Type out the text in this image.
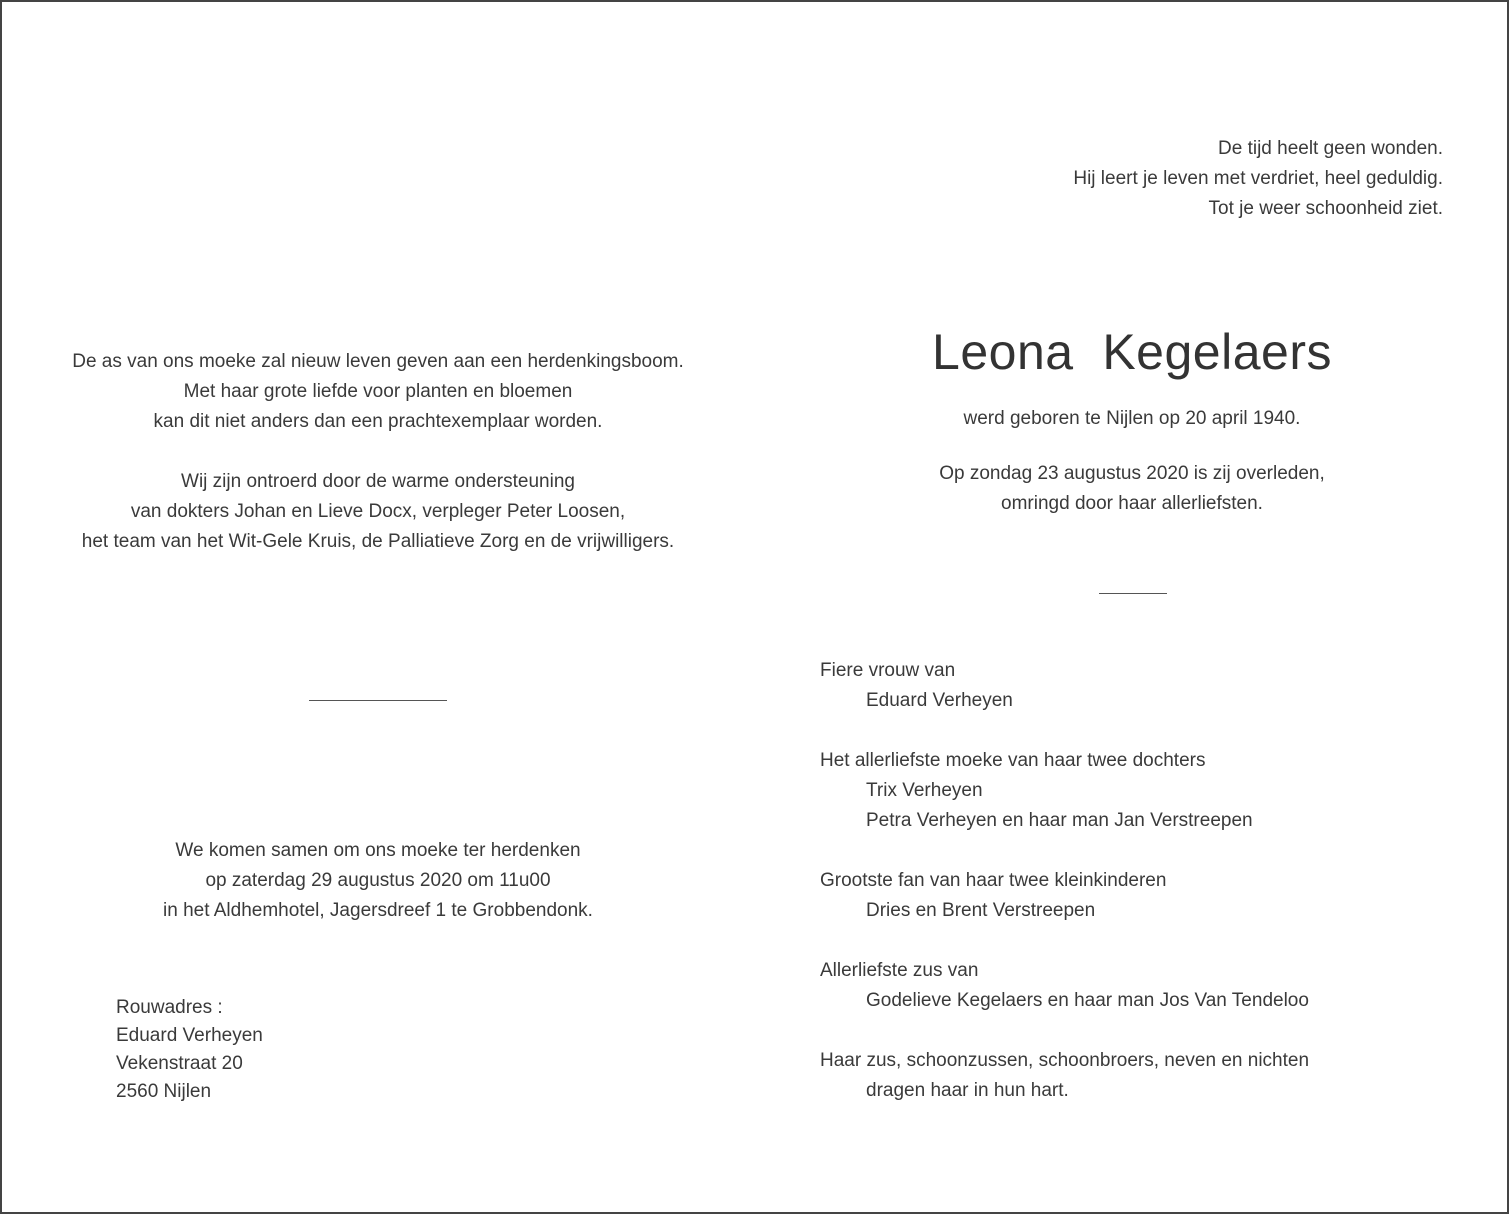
De tijd heelt geen wonden.
Hij leert je leven met verdriet, heel geduldig.
Tot je weer schoonheid ziet.
De as van ons moeke zal nieuw leven geven aan een herdenkingsboom.
Met haar grote liefde voor planten en bloemen
kan dit niet anders dan een prachtexemplaar worden.
Wij zijn ontroerd door de warme ondersteuning
van dokters Johan en Lieve Docx, verpleger Peter Loosen,
het team van het Wit-Gele Kruis, de Palliatieve Zorg en de vrijwilligers.
We komen samen om ons moeke ter herdenken
op zaterdag 29 augustus 2020 om 11u00
in het Aldhemhotel, Jagersdreef 1 te Grobbendonk.
Rouwadres :
Eduard Verheyen
Vekenstraat 20
2560 Nijlen
Leona  Kegelaers
werd geboren te Nijlen op 20 april 1940.
Op zondag 23 augustus 2020 is zij overleden,
omringd door haar allerliefsten.
Fiere vrouw van
Eduard Verheyen
Het allerliefste moeke van haar twee dochters
Trix Verheyen
Petra Verheyen en haar man Jan Verstreepen
Grootste fan van haar twee kleinkinderen
Dries en Brent Verstreepen
Allerliefste zus van
Godelieve Kegelaers en haar man Jos Van Tendeloo
Haar zus, schoonzussen, schoonbroers, neven en nichten
dragen haar in hun hart.
